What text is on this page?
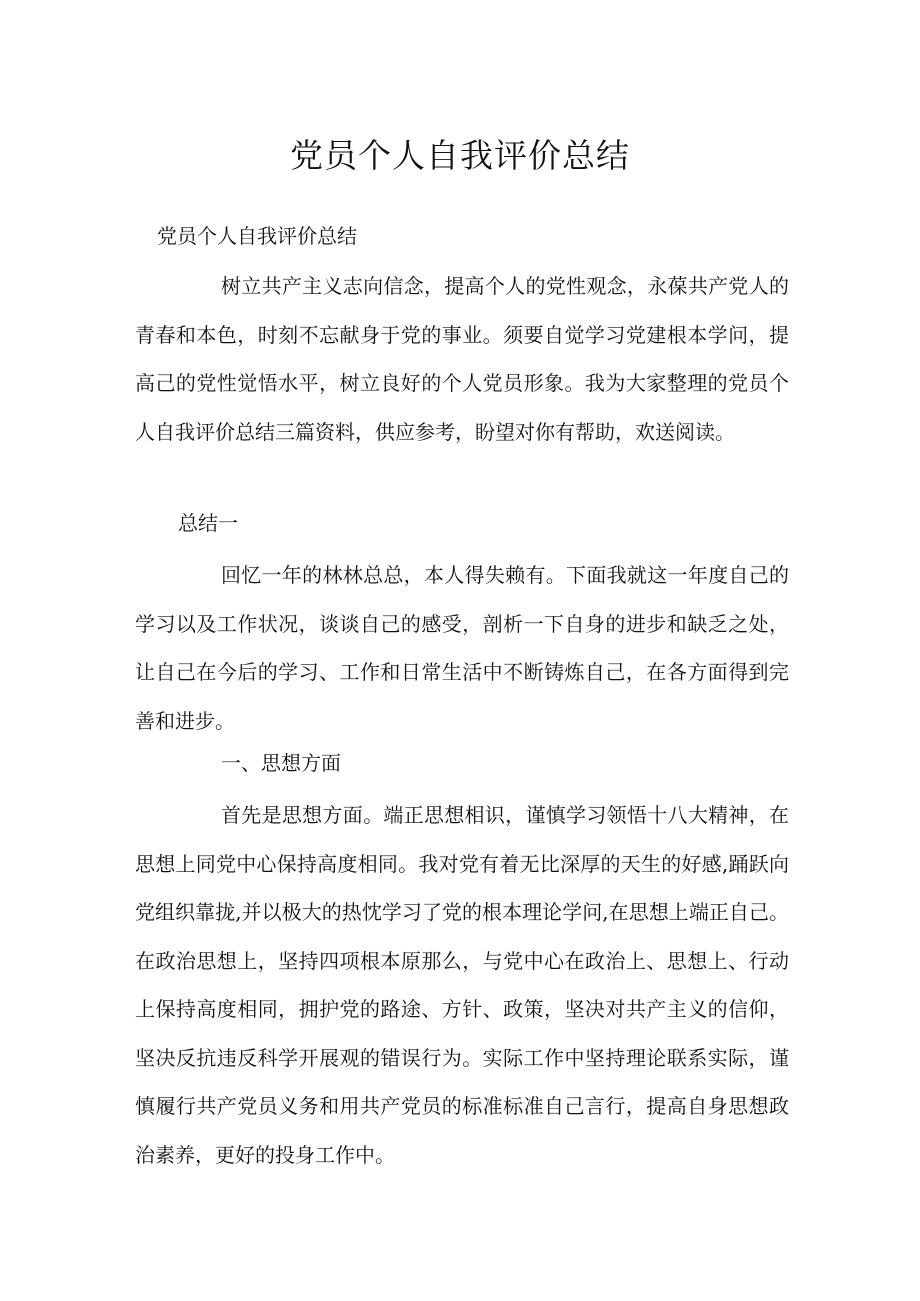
党员个人自我评价总结

党员个人自我评价总结

树立共产主义志向信念，提高个人的党性观念，永葆共产党人的青春和本色，时刻不忘献身于党的事业。须要自觉学习党建根本学问，提高己的党性觉悟水平，树立良好的个人党员形象。我为大家整理的党员个人自我评价总结三篇资料，供应参考，盼望对你有帮助，欢送阅读。

总结一

回忆一年的林林总总，本人得失赖有。下面我就这一年度自己的学习以及工作状况，谈谈自己的感受，剖析一下自身的进步和缺乏之处，让自己在今后的学习、工作和日常生活中不断铸炼自己，在各方面得到完善和进步。

一、思想方面

首先是思想方面。端正思想相识，谨慎学习领悟十八大精神，在思想上同党中心保持高度相同。我对党有着无比深厚的天生的好感,踊跃向党组织靠拢,并以极大的热忱学习了党的根本理论学问,在思想上端正自己。在政治思想上，坚持四项根本原那么，与党中心在政治上、思想上、行动上保持高度相同，拥护党的路途、方针、政策，坚决对共产主义的信仰，坚决反抗违反科学开展观的错误行为。实际工作中坚持理论联系实际，谨慎履行共产党员义务和用共产党员的标准标准自己言行，提高自身思想政治素养，更好的投身工作中。
